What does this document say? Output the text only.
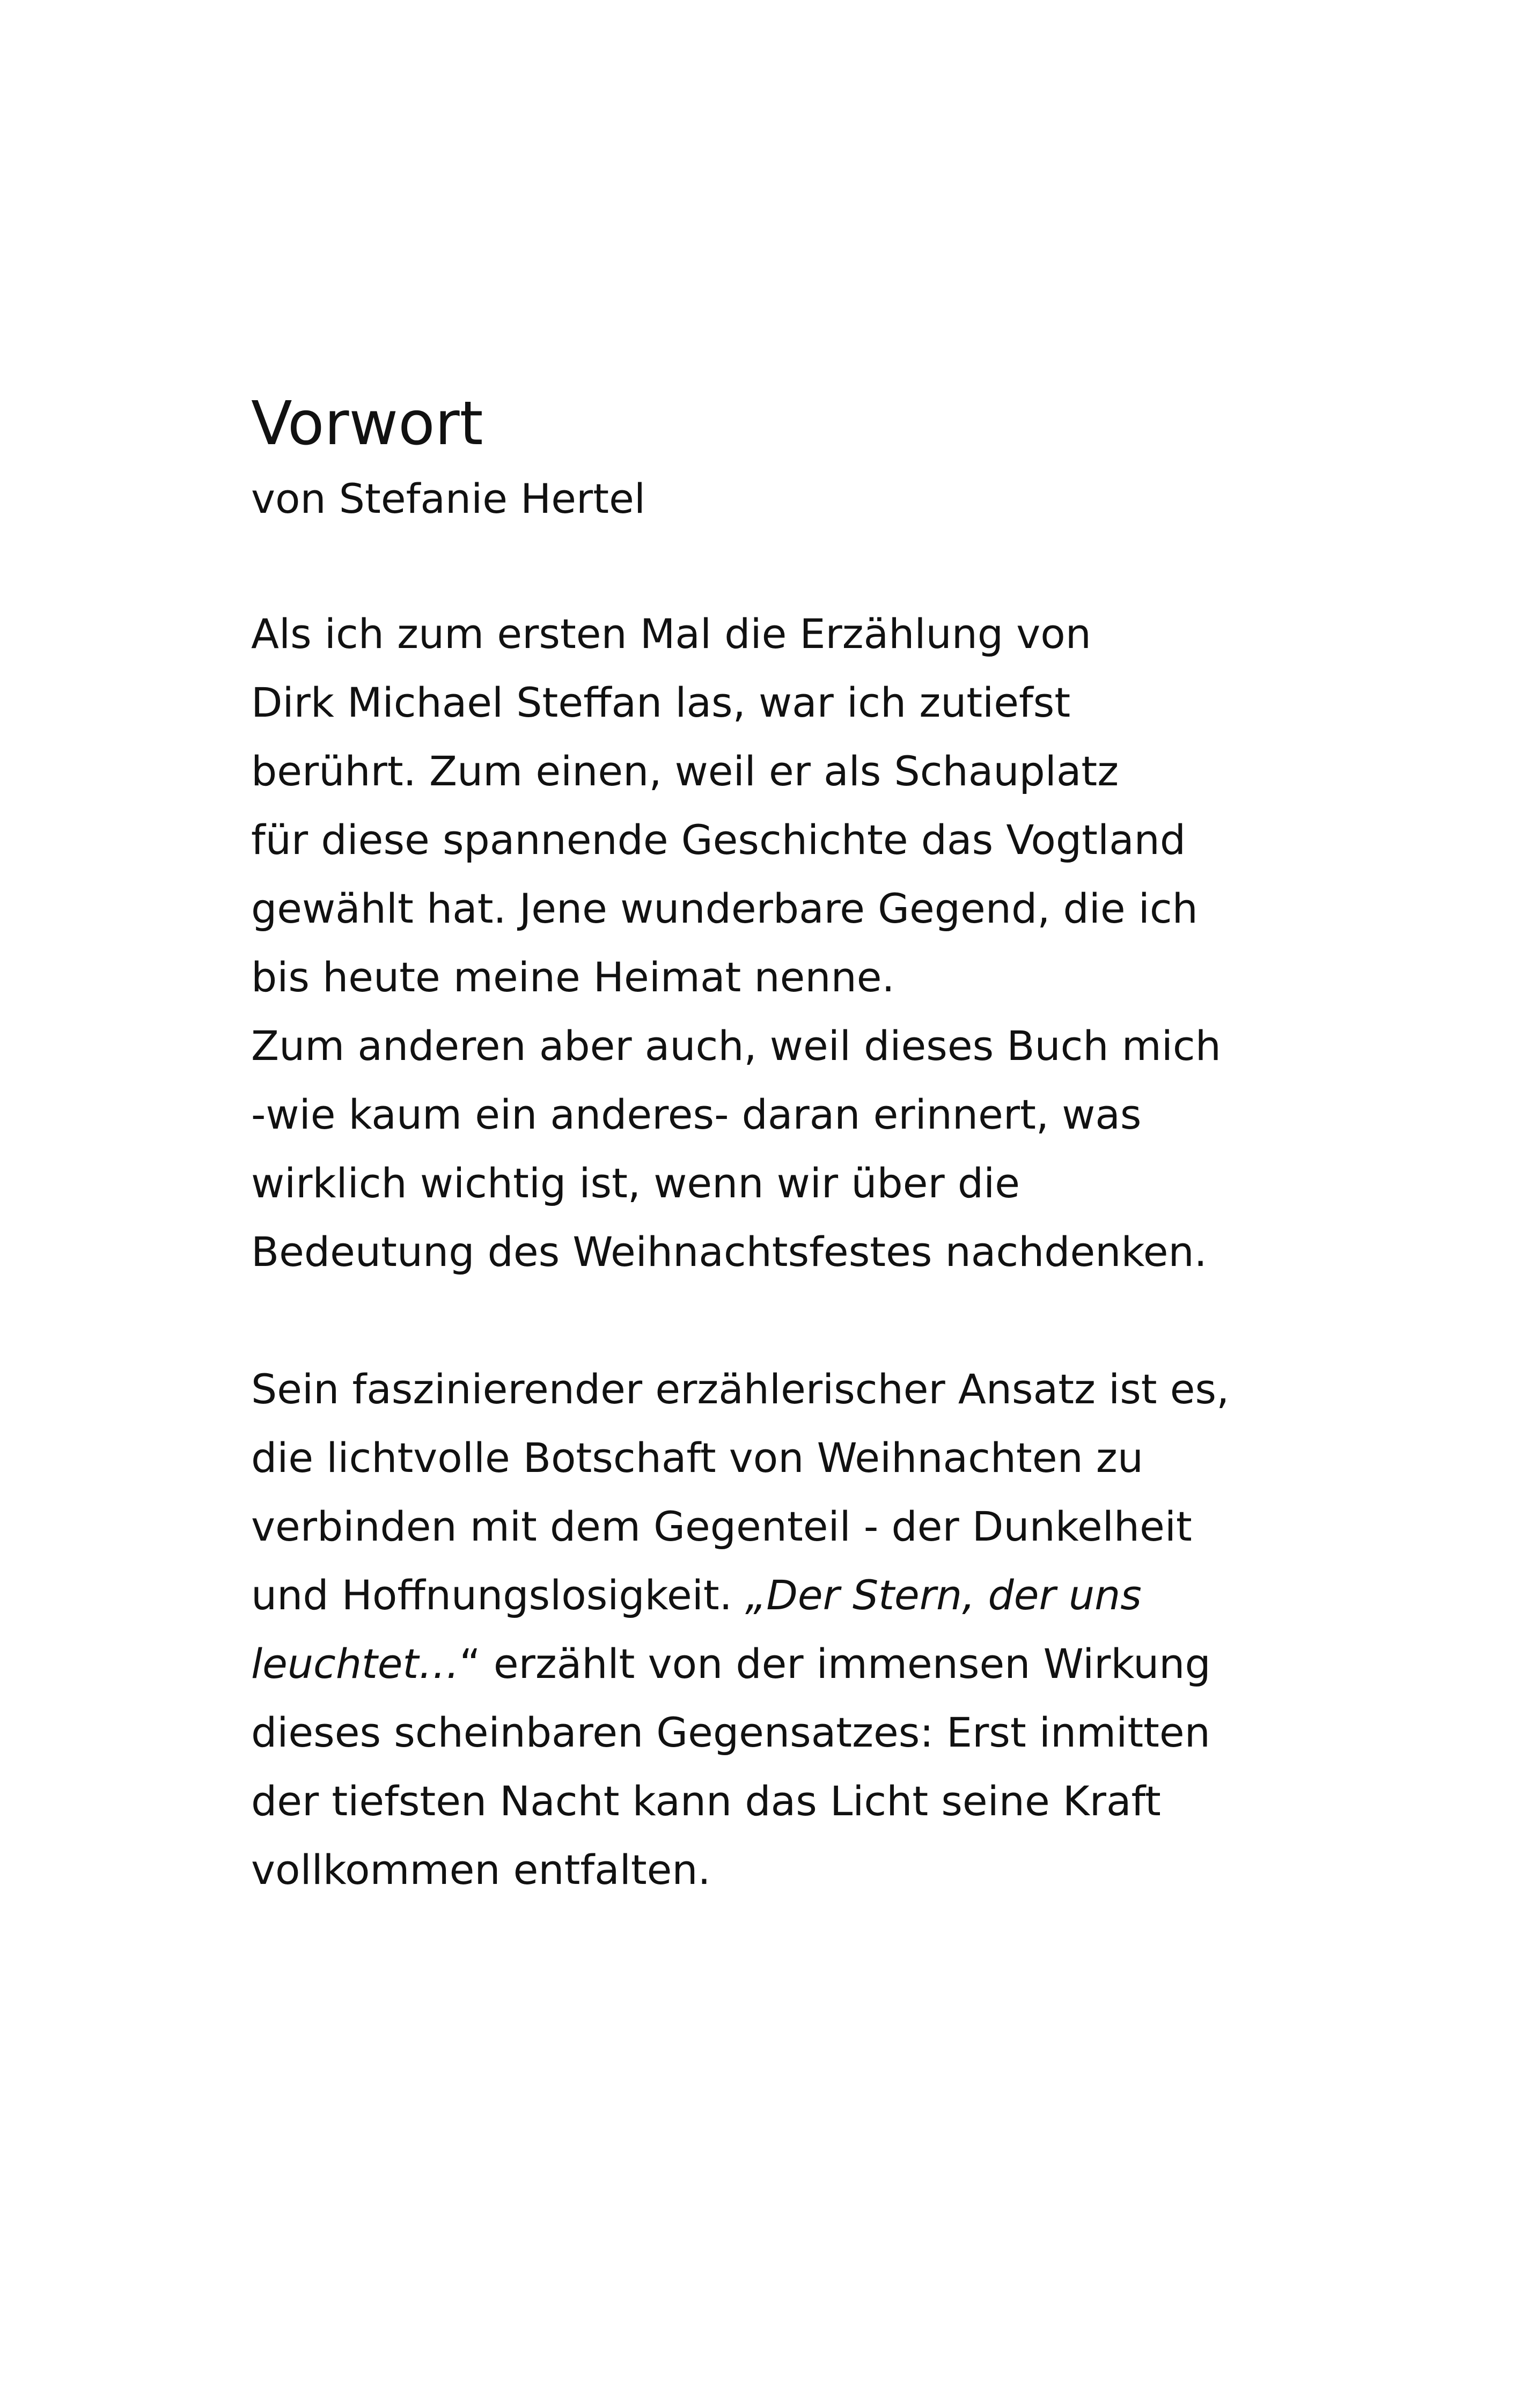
Vorwort

von Stefanie Hertel

Als ich zum ersten Mal die Erzählung von
Dirk Michael Steffan las, war ich zutiefst
berührt. Zum einen, weil er als Schauplatz
für diese spannende Geschichte das Vogtland
gewählt hat. Jene wunderbare Gegend, die ich
bis heute meine Heimat nenne.
Zum anderen aber auch, weil dieses Buch mich
-wie kaum ein anderes- daran erinnert, was
wirklich wichtig ist, wenn wir über die
Bedeutung des Weihnachtsfestes nachdenken.

Sein faszinierender erzählerischer Ansatz ist es,
die lichtvolle Botschaft von Weihnachten zu
verbinden mit dem Gegenteil - der Dunkelheit
und Hoffnungslosigkeit. „Der Stern, der uns
leuchtet…“ erzählt von der immensen Wirkung
dieses scheinbaren Gegensatzes: Erst inmitten
der tiefsten Nacht kann das Licht seine Kraft
vollkommen entfalten.
